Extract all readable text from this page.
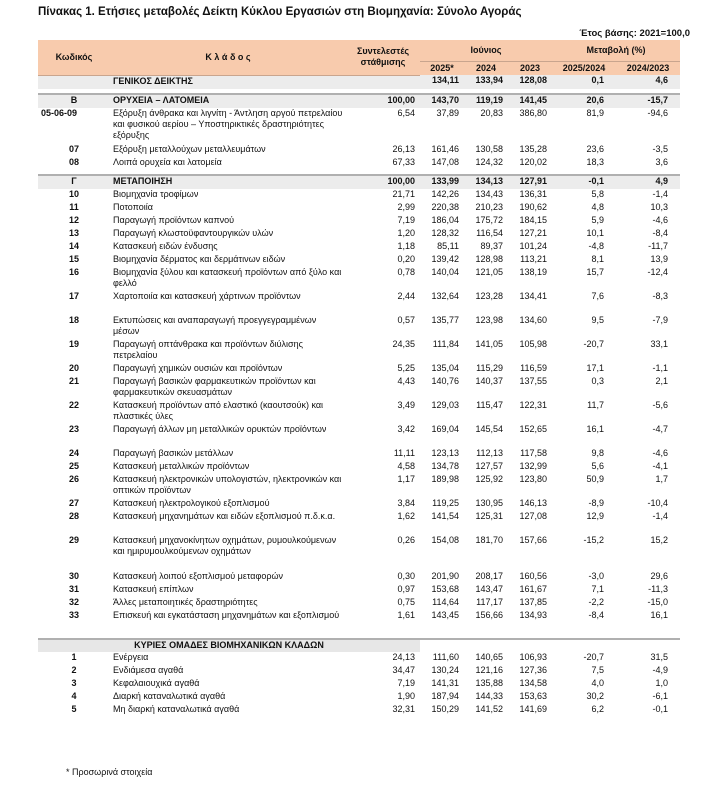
Πίνακας 1. Ετήσιες μεταβολές Δείκτη Κύκλου Εργασιών στη Βιομηχανία: Σύνολο Αγοράς
Έτος βάσης: 2021=100,0
Κωδικός	Κ λ ά δ ο ς	Συντελεστές στάθμισης	Ιούνιος			Μεταβολή (%)	
			2025*	2024	2023	2025/2024	2024/2023
	ΓΕΝΙΚΟΣ ΔΕΙΚΤΗΣ		134,11	133,94	128,08	0,1	4,6

Β	ΟΡΥΧΕΙΑ – ΛΑΤΟΜΕΙΑ	100,00	143,70	119,19	141,45	20,6	-15,7
05-06-09	Εξόρυξη άνθρακα και λιγνίτη - Άντληση αργού πετρελαίου και φυσικού αερίου – Υποστηρικτικές δραστηριότητες εξόρυξης	6,54	37,89	20,83	386,80	81,9	-94,6
07	Εξόρυξη μεταλλούχων μεταλλευμάτων	26,13	161,46	130,58	135,28	23,6	-3,5
08	Λοιπά ορυχεία και λατομεία	67,33	147,08	124,32	120,02	18,3	3,6

Γ	ΜΕΤΑΠΟΙΗΣΗ	100,00	133,99	134,13	127,91	-0,1	4,9
10	Βιομηχανία τροφίμων	21,71	142,26	134,43	136,31	5,8	-1,4
11	Ποτοποιία	2,99	220,38	210,23	190,62	4,8	10,3
12	Παραγωγή προϊόντων καπνού	7,19	186,04	175,72	184,15	5,9	-4,6
13	Παραγωγή κλωστοϋφαντουργικών υλών	1,20	128,32	116,54	127,21	10,1	-8,4
14	Κατασκευή ειδών ένδυσης	1,18	85,11	89,37	101,24	-4,8	-11,7
15	Βιομηχανία δέρματος και δερμάτινων ειδών	0,20	139,42	128,98	113,21	8,1	13,9
16	Βιομηχανία ξύλου και κατασκευή προϊόντων από ξύλο και φελλό	0,78	140,04	121,05	138,19	15,7	-12,4
17	Χαρτοποιία και κατασκευή χάρτινων προϊόντων	2,44	132,64	123,28	134,41	7,6	-8,3
18	Εκτυπώσεις και αναπαραγωγή προεγγεγραμμένων μέσων	0,57	135,77	123,98	134,60	9,5	-7,9
19	Παραγωγή οπτάνθρακα και προϊόντων διύλισης πετρελαίου	24,35	111,84	141,05	105,98	-20,7	33,1
20	Παραγωγή χημικών ουσιών και προϊόντων	5,25	135,04	115,29	116,59	17,1	-1,1
21	Παραγωγή βασικών φαρμακευτικών προϊόντων και φαρμακευτικών σκευασμάτων	4,43	140,76	140,37	137,55	0,3	2,1
22	Κατασκευή προϊόντων από ελαστικό (καουτσούκ) και πλαστικές ύλες	3,49	129,03	115,47	122,31	11,7	-5,6
23	Παραγωγή άλλων μη μεταλλικών ορυκτών προϊόντων	3,42	169,04	145,54	152,65	16,1	-4,7
24	Παραγωγή βασικών μετάλλων	11,11	123,13	112,13	117,58	9,8	-4,6
25	Κατασκευή μεταλλικών προϊόντων	4,58	134,78	127,57	132,99	5,6	-4,1
26	Κατασκευή ηλεκτρονικών υπολογιστών, ηλεκτρονικών και οπτικών προϊόντων	1,17	189,98	125,92	123,80	50,9	1,7
27	Κατασκευή ηλεκτρολογικού εξοπλισμού	3,84	119,25	130,95	146,13	-8,9	-10,4
28	Κατασκευή μηχανημάτων και ειδών εξοπλισμού π.δ.κ.α.	1,62	141,54	125,31	127,08	12,9	-1,4
29	Κατασκευή μηχανοκίνητων οχημάτων, ρυμουλκούμενων και ημιρυμουλκούμενων οχημάτων	0,26	154,08	181,70	157,66	-15,2	15,2
30	Κατασκευή λοιπού εξοπλισμού μεταφορών	0,30	201,90	208,17	160,56	-3,0	29,6
31	Κατασκευή επίπλων	0,97	153,68	143,47	161,67	7,1	-11,3
32	Άλλες μεταποιητικές δραστηριότητες	0,75	114,64	117,17	137,85	-2,2	-15,0
33	Επισκευή και εγκατάσταση μηχανημάτων και εξοπλισμού	1,61	143,45	156,66	134,93	-8,4	16,1

ΚΥΡΙΕΣ ΟΜΑΔΕΣ ΒΙΟΜΗΧΑΝΙΚΩΝ ΚΛΑΔΩΝ							
1	Ενέργεια	24,13	111,60	140,65	106,93	-20,7	31,5
2	Ενδιάμεσα αγαθά	34,47	130,24	121,16	127,36	7,5	-4,9
3	Κεφαλαιουχικά αγαθά	7,19	141,31	135,88	134,58	4,0	1,0
4	Διαρκή καταναλωτικά αγαθά	1,90	187,94	144,33	153,63	30,2	-6,1
5	Μη διαρκή καταναλωτικά αγαθά	32,31	150,29	141,52	141,69	6,2	-0,1
* Προσωρινά στοιχεία
